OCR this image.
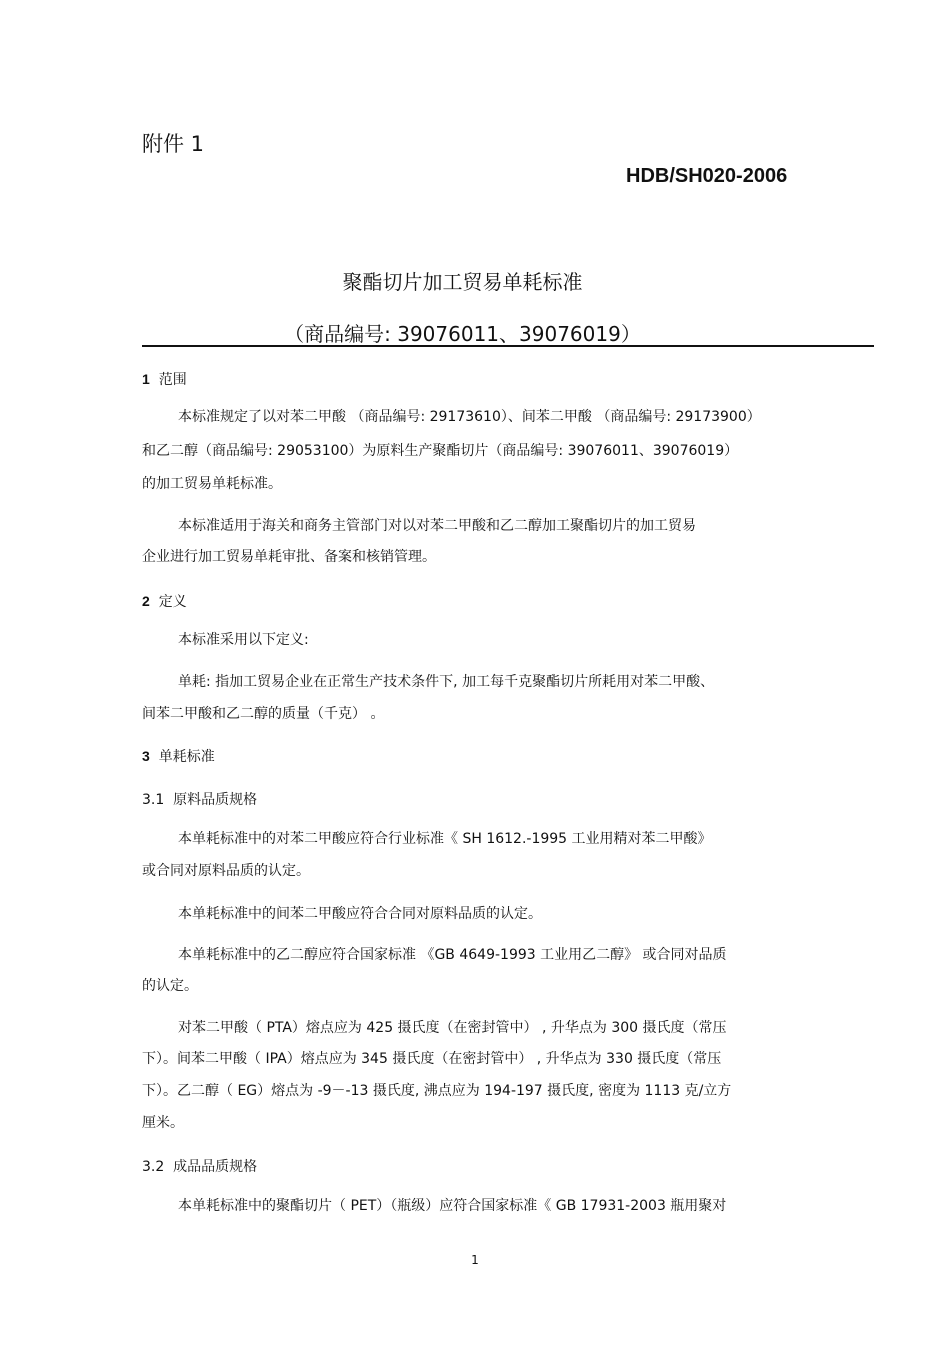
附件 1
HDB/SH020-2006
聚酯切片加工贸易单耗标准
（商品编号: 39076011、39076019）
1 范围
本标准规定了以对苯二甲酸 （商品编号: 29173610）、间苯二甲酸 （商品编号: 29173900）
和乙二醇（商品编号: 29053100）为原料生产聚酯切片（商品编号: 39076011、39076019）
的加工贸易单耗标准。
本标准适用于海关和商务主管部门对以对苯二甲酸和乙二醇加工聚酯切片的加工贸易
企业进行加工贸易单耗审批、备案和核销管理。
2 定义
本标准采用以下定义:
单耗: 指加工贸易企业在正常生产技术条件下, 加工每千克聚酯切片所耗用对苯二甲酸、
间苯二甲酸和乙二醇的质量（千克） 。
3 单耗标准
3.1 原料品质规格
本单耗标准中的对苯二甲酸应符合行业标准《 SH 1612.-1995 工业用精对苯二甲酸》
或合同对原料品质的认定。
本单耗标准中的间苯二甲酸应符合合同对原料品质的认定。
本单耗标准中的乙二醇应符合国家标准 《GB 4649-1993 工业用乙二醇》 或合同对品质
的认定。
对苯二甲酸（ PTA）熔点应为 425 摄氏度（在密封管中） , 升华点为 300 摄氏度（常压
下）。间苯二甲酸（ IPA）熔点应为 345 摄氏度（在密封管中） , 升华点为 330 摄氏度（常压
下）。乙二醇（ EG）熔点为 -9－-13 摄氏度, 沸点应为 194-197 摄氏度, 密度为 1113 克/立方
厘米。
3.2 成品品质规格
本单耗标准中的聚酯切片（ PET）（瓶级）应符合国家标准《 GB 17931-2003 瓶用聚对
1
